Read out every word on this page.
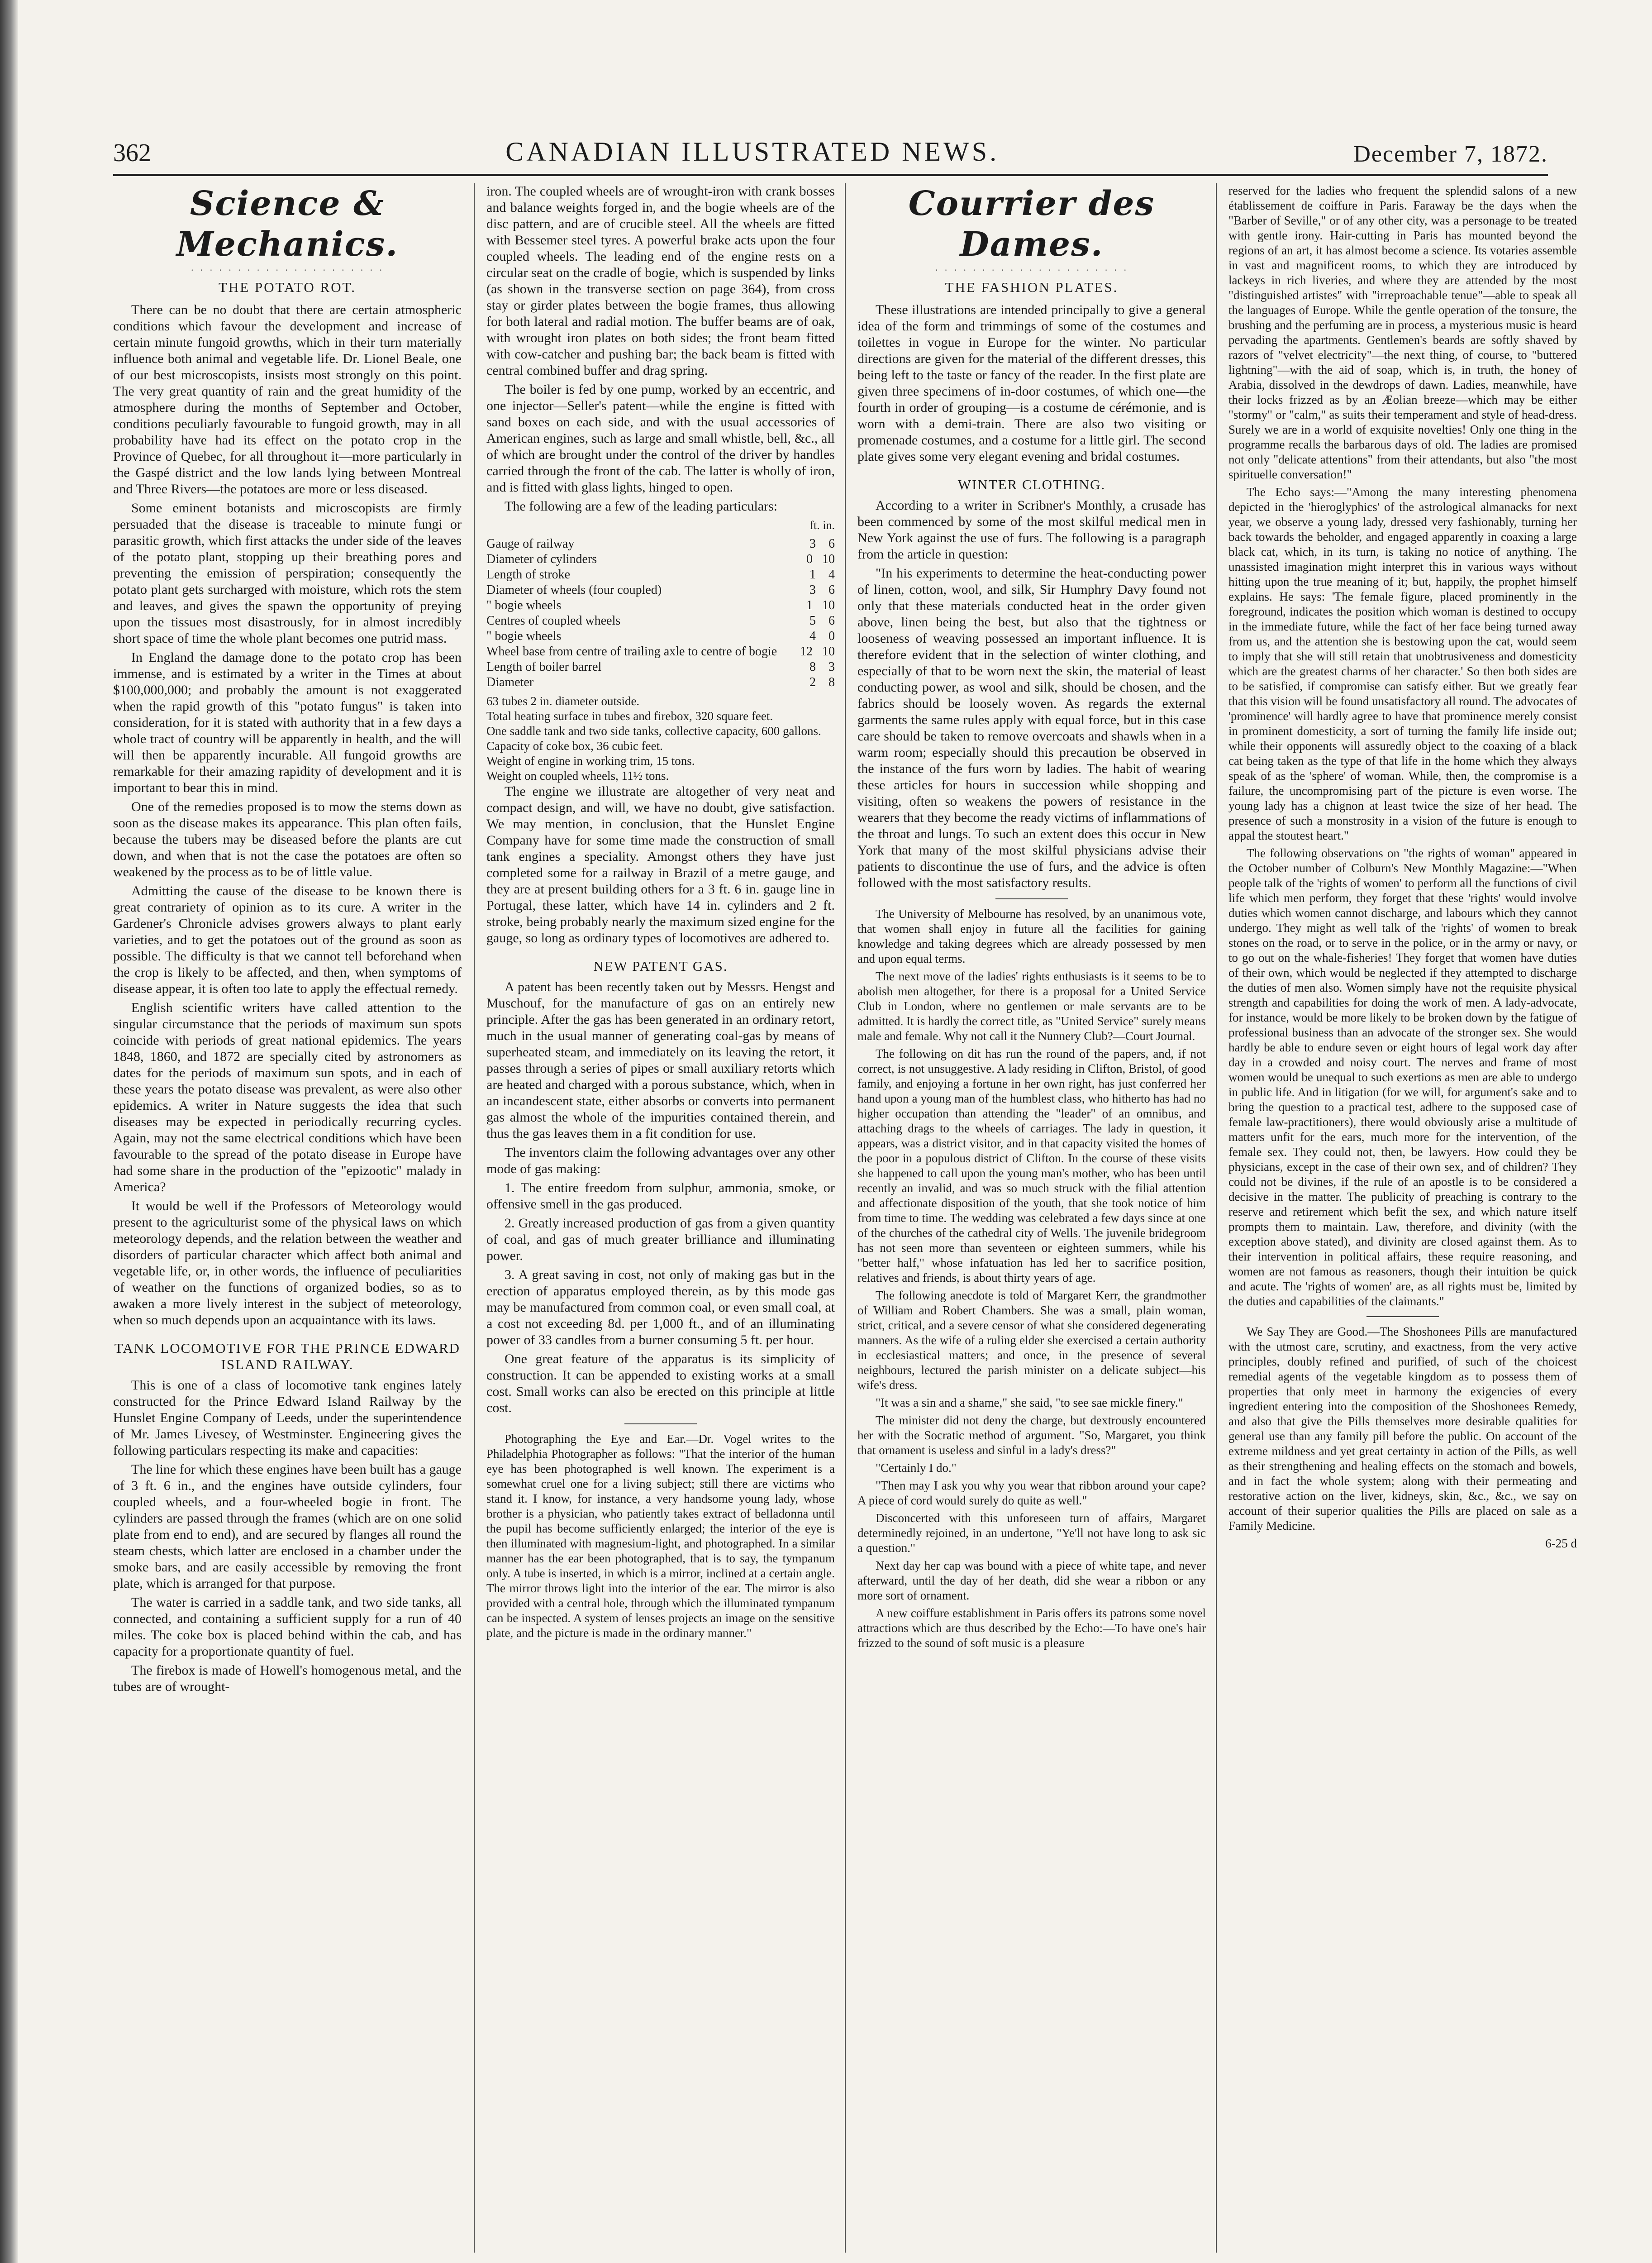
362	CANADIAN ILLUSTRATED NEWS.	December 7, 1872.
Science & Mechanics.
· · · · · · · · · · · · · · · · · · · · ·
THE POTATO ROT.

There can be no doubt that there are certain atmospheric conditions which favour the development and increase of certain minute fungoid growths, which in their turn materially influence both animal and vegetable life. Dr. Lionel Beale, one of our best microscopists, insists most strongly on this point. The very great quantity of rain and the great humidity of the atmosphere during the months of September and October, conditions peculiarly favourable to fungoid growth, may in all probability have had its effect on the potato crop in the Province of Quebec, for all throughout it—more particularly in the Gaspé district and the low lands lying between Montreal and Three Rivers—the potatoes are more or less diseased.

Some eminent botanists and microscopists are firmly persuaded that the disease is traceable to minute fungi or parasitic growth, which first attacks the under side of the leaves of the potato plant, stopping up their breathing pores and preventing the emission of perspiration; consequently the potato plant gets surcharged with moisture, which rots the stem and leaves, and gives the spawn the opportunity of preying upon the tissues most disastrously, for in almost incredibly short space of time the whole plant becomes one putrid mass.

In England the damage done to the potato crop has been immense, and is estimated by a writer in the Times at about $100,000,000; and probably the amount is not exaggerated when the rapid growth of this "potato fungus" is taken into consideration, for it is stated with authority that in a few days a whole tract of country will be apparently in health, and the will will then be apparently incurable. All fungoid growths are remarkable for their amazing rapidity of development and it is important to bear this in mind.

One of the remedies proposed is to mow the stems down as soon as the disease makes its appearance. This plan often fails, because the tubers may be diseased before the plants are cut down, and when that is not the case the potatoes are often so weakened by the process as to be of little value.

Admitting the cause of the disease to be known there is great contrariety of opinion as to its cure. A writer in the Gardener's Chronicle advises growers always to plant early varieties, and to get the potatoes out of the ground as soon as possible. The difficulty is that we cannot tell beforehand when the crop is likely to be affected, and then, when symptoms of disease appear, it is often too late to apply the effectual remedy.

English scientific writers have called attention to the singular circumstance that the periods of maximum sun spots coincide with periods of great national epidemics. The years 1848, 1860, and 1872 are specially cited by astronomers as dates for the periods of maximum sun spots, and in each of these years the potato disease was prevalent, as were also other epidemics. A writer in Nature suggests the idea that such diseases may be expected in periodically recurring cycles. Again, may not the same electrical conditions which have been favourable to the spread of the potato disease in Europe have had some share in the production of the "epizootic" malady in America?

It would be well if the Professors of Meteorology would present to the agriculturist some of the physical laws on which meteorology depends, and the relation between the weather and disorders of particular character which affect both animal and vegetable life, or, in other words, the influence of peculiarities of weather on the functions of organized bodies, so as to awaken a more lively interest in the subject of meteorology, when so much depends upon an acquaintance with its laws.

TANK LOCOMOTIVE FOR THE PRINCE EDWARD ISLAND RAILWAY.

This is one of a class of locomotive tank engines lately constructed for the Prince Edward Island Railway by the Hunslet Engine Company of Leeds, under the superintendence of Mr. James Livesey, of Westminster. Engineering gives the following particulars respecting its make and capacities:

The line for which these engines have been built has a gauge of 3 ft. 6 in., and the engines have outside cylinders, four coupled wheels, and a four-wheeled bogie in front. The cylinders are passed through the frames (which are on one solid plate from end to end), and are secured by flanges all round the steam chests, which latter are enclosed in a chamber under the smoke bars, and are easily accessible by removing the front plate, which is arranged for that purpose.

The water is carried in a saddle tank, and two side tanks, all connected, and containing a sufficient supply for a run of 40 miles. The coke box is placed behind within the cab, and has capacity for a proportionate quantity of fuel.

The firebox is made of Howell's homogenous metal, and the tubes are of wrought-

iron. The coupled wheels are of wrought-iron with crank bosses and balance weights forged in, and the bogie wheels are of the disc pattern, and are of crucible steel. All the wheels are fitted with Bessemer steel tyres. A powerful brake acts upon the four coupled wheels. The leading end of the engine rests on a circular seat on the cradle of bogie, which is suspended by links (as shown in the transverse section on page 364), from cross stay or girder plates between the bogie frames, thus allowing for both lateral and radial motion. The buffer beams are of oak, with wrought iron plates on both sides; the front beam fitted with cow-catcher and pushing bar; the back beam is fitted with central combined buffer and drag spring.

The boiler is fed by one pump, worked by an eccentric, and one injector—Seller's patent—while the engine is fitted with sand boxes on each side, and with the usual accessories of American engines, such as large and small whistle, bell, &c., all of which are brought under the control of the driver by handles carried through the front of the cab. The latter is wholly of iron, and is fitted with glass lights, hinged to open.

The following are a few of the leading particulars:

ft. in.
Gauge of railway	3    6
Diameter of cylinders	0   10
Length of stroke	1    4
Diameter of wheels (four coupled)	3    6
" bogie wheels	1   10
Centres of coupled wheels	5    6
" bogie wheels	4    0
Wheel base from centre of trailing axle to centre of bogie 12   10
Length of boiler barrel	8    3
Diameter	2    8
63 tubes 2 in. diameter outside.
Total heating surface in tubes and firebox, 320 square feet.
One saddle tank and two side tanks, collective capacity, 600 gallons.
Capacity of coke box, 36 cubic feet.
Weight of engine in working trim, 15 tons.
Weight on coupled wheels, 11½ tons.

The engine we illustrate are altogether of very neat and compact design, and will, we have no doubt, give satisfaction. We may mention, in conclusion, that the Hunslet Engine Company have for some time made the construction of small tank engines a speciality. Amongst others they have just completed some for a railway in Brazil of a metre gauge, and they are at present building others for a 3 ft. 6 in. gauge line in Portugal, these latter, which have 14 in. cylinders and 2 ft. stroke, being probably nearly the maximum sized engine for the gauge, so long as ordinary types of locomotives are adhered to.

NEW PATENT GAS.

A patent has been recently taken out by Messrs. Hengst and Muschouf, for the manufacture of gas on an entirely new principle. After the gas has been generated in an ordinary retort, much in the usual manner of generating coal-gas by means of superheated steam, and immediately on its leaving the retort, it passes through a series of pipes or small auxiliary retorts which are heated and charged with a porous substance, which, when in an incandescent state, either absorbs or converts into permanent gas almost the whole of the impurities contained therein, and thus the gas leaves them in a fit condition for use.

The inventors claim the following advantages over any other mode of gas making:

1. The entire freedom from sulphur, ammonia, smoke, or offensive smell in the gas produced.

2. Greatly increased production of gas from a given quantity of coal, and gas of much greater brilliance and illuminating power.

3. A great saving in cost, not only of making gas but in the erection of apparatus employed therein, as by this mode gas may be manufactured from common coal, or even small coal, at a cost not exceeding 8d. per 1,000 ft., and of an illuminating power of 33 candles from a burner consuming 5 ft. per hour.

One great feature of the apparatus is its simplicity of construction. It can be appended to existing works at a small cost. Small works can also be erected on this principle at little cost.

Photographing the Eye and Ear.—Dr. Vogel writes to the Philadelphia Photographer as follows: "That the interior of the human eye has been photographed is well known. The experiment is a somewhat cruel one for a living subject; still there are victims who stand it. I know, for instance, a very handsome young lady, whose brother is a physician, who patiently takes extract of belladonna until the pupil has become sufficiently enlarged; the interior of the eye is then illuminated with magnesium-light, and photographed. In a similar manner has the ear been photographed, that is to say, the tympanum only. A tube is inserted, in which is a mirror, inclined at a certain angle. The mirror throws light into the interior of the ear. The mirror is also provided with a central hole, through which the illuminated tympanum can be inspected. A system of lenses projects an image on the sensitive plate, and the picture is made in the ordinary manner."

Courrier des Dames.
· · · · · · · · · · · · · · · · · · · · ·
THE FASHION PLATES.

These illustrations are intended principally to give a general idea of the form and trimmings of some of the costumes and toilettes in vogue in Europe for the winter. No particular directions are given for the material of the different dresses, this being left to the taste or fancy of the reader. In the first plate are given three specimens of in-door costumes, of which one—the fourth in order of grouping—is a costume de cérémonie, and is worn with a demi-train. There are also two visiting or promenade costumes, and a costume for a little girl. The second plate gives some very elegant evening and bridal costumes.

WINTER CLOTHING.

According to a writer in Scribner's Monthly, a crusade has been commenced by some of the most skilful medical men in New York against the use of furs. The following is a paragraph from the article in question:

"In his experiments to determine the heat-conducting power of linen, cotton, wool, and silk, Sir Humphry Davy found not only that these materials conducted heat in the order given above, linen being the best, but also that the tightness or looseness of weaving possessed an important influence. It is therefore evident that in the selection of winter clothing, and especially of that to be worn next the skin, the material of least conducting power, as wool and silk, should be chosen, and the fabrics should be loosely woven. As regards the external garments the same rules apply with equal force, but in this case care should be taken to remove overcoats and shawls when in a warm room; especially should this precaution be observed in the instance of the furs worn by ladies. The habit of wearing these articles for hours in succession while shopping and visiting, often so weakens the powers of resistance in the wearers that they become the ready victims of inflammations of the throat and lungs. To such an extent does this occur in New York that many of the most skilful physicians advise their patients to discontinue the use of furs, and the advice is often followed with the most satisfactory results.

The University of Melbourne has resolved, by an unanimous vote, that women shall enjoy in future all the facilities for gaining knowledge and taking degrees which are already possessed by men and upon equal terms.

The next move of the ladies' rights enthusiasts is it seems to be to abolish men altogether, for there is a proposal for a United Service Club in London, where no gentlemen or male servants are to be admitted. It is hardly the correct title, as "United Service" surely means male and female. Why not call it the Nunnery Club?—Court Journal.

The following on dit has run the round of the papers, and, if not correct, is not unsuggestive. A lady residing in Clifton, Bristol, of good family, and enjoying a fortune in her own right, has just conferred her hand upon a young man of the humblest class, who hitherto has had no higher occupation than attending the "leader" of an omnibus, and attaching drags to the wheels of carriages. The lady in question, it appears, was a district visitor, and in that capacity visited the homes of the poor in a populous district of Clifton. In the course of these visits she happened to call upon the young man's mother, who has been until recently an invalid, and was so much struck with the filial attention and affectionate disposition of the youth, that she took notice of him from time to time. The wedding was celebrated a few days since at one of the churches of the cathedral city of Wells. The juvenile bridegroom has not seen more than seventeen or eighteen summers, while his "better half," whose infatuation has led her to sacrifice position, relatives and friends, is about thirty years of age.

The following anecdote is told of Margaret Kerr, the grandmother of William and Robert Chambers. She was a small, plain woman, strict, critical, and a severe censor of what she considered degenerating manners. As the wife of a ruling elder she exercised a certain authority in ecclesiastical matters; and once, in the presence of several neighbours, lectured the parish minister on a delicate subject—his wife's dress.

"It was a sin and a shame," she said, "to see sae mickle finery."

The minister did not deny the charge, but dextrously encountered her with the Socratic method of argument. "So, Margaret, you think that ornament is useless and sinful in a lady's dress?"

"Certainly I do."

"Then may I ask you why you wear that ribbon around your cape? A piece of cord would surely do quite as well."

Disconcerted with this unforeseen turn of affairs, Margaret determinedly rejoined, in an undertone, "Ye'll not have long to ask sic a question."

Next day her cap was bound with a piece of white tape, and never afterward, until the day of her death, did she wear a ribbon or any more sort of ornament.

A new coiffure establishment in Paris offers its patrons some novel attractions which are thus described by the Echo:—To have one's hair frizzed to the sound of soft music is a pleasure

reserved for the ladies who frequent the splendid salons of a new établissement de coiffure in Paris. Faraway be the days when the "Barber of Seville," or of any other city, was a personage to be treated with gentle irony. Hair-cutting in Paris has mounted beyond the regions of an art, it has almost become a science. Its votaries assemble in vast and magnificent rooms, to which they are introduced by lackeys in rich liveries, and where they are attended by the most "distinguished artistes" with "irreproachable tenue"—able to speak all the languages of Europe. While the gentle operation of the tonsure, the brushing and the perfuming are in process, a mysterious music is heard pervading the apartments. Gentlemen's beards are softly shaved by razors of "velvet electricity"—the next thing, of course, to "buttered lightning"—with the aid of soap, which is, in truth, the honey of Arabia, dissolved in the dewdrops of dawn. Ladies, meanwhile, have their locks frizzed as by an Æolian breeze—which may be either "stormy" or "calm," as suits their temperament and style of head-dress. Surely we are in a world of exquisite novelties! Only one thing in the programme recalls the barbarous days of old. The ladies are promised not only "delicate attentions" from their attendants, but also "the most spirituelle conversation!"

The Echo says:—"Among the many interesting phenomena depicted in the 'hieroglyphics' of the astrological almanacks for next year, we observe a young lady, dressed very fashionably, turning her back towards the beholder, and engaged apparently in coaxing a large black cat, which, in its turn, is taking no notice of anything. The unassisted imagination might interpret this in various ways without hitting upon the true meaning of it; but, happily, the prophet himself explains. He says: 'The female figure, placed prominently in the foreground, indicates the position which woman is destined to occupy in the immediate future, while the fact of her face being turned away from us, and the attention she is bestowing upon the cat, would seem to imply that she will still retain that unobtrusiveness and domesticity which are the greatest charms of her character.' So then both sides are to be satisfied, if compromise can satisfy either. But we greatly fear that this vision will be found unsatisfactory all round. The advocates of 'prominence' will hardly agree to have that prominence merely consist in prominent domesticity, a sort of turning the family life inside out; while their opponents will assuredly object to the coaxing of a black cat being taken as the type of that life in the home which they always speak of as the 'sphere' of woman. While, then, the compromise is a failure, the uncompromising part of the picture is even worse. The young lady has a chignon at least twice the size of her head. The presence of such a monstrosity in a vision of the future is enough to appal the stoutest heart."

The following observations on "the rights of woman" appeared in the October number of Colburn's New Monthly Magazine:—"When people talk of the 'rights of women' to perform all the functions of civil life which men perform, they forget that these 'rights' would involve duties which women cannot discharge, and labours which they cannot undergo. They might as well talk of the 'rights' of women to break stones on the road, or to serve in the police, or in the army or navy, or to go out on the whale-fisheries! They forget that women have duties of their own, which would be neglected if they attempted to discharge the duties of men also. Women simply have not the requisite physical strength and capabilities for doing the work of men. A lady-advocate, for instance, would be more likely to be broken down by the fatigue of professional business than an advocate of the stronger sex. She would hardly be able to endure seven or eight hours of legal work day after day in a crowded and noisy court. The nerves and frame of most women would be unequal to such exertions as men are able to undergo in public life. And in litigation (for we will, for argument's sake and to bring the question to a practical test, adhere to the supposed case of female law-practitioners), there would obviously arise a multitude of matters unfit for the ears, much more for the intervention, of the female sex. They could not, then, be lawyers. How could they be physicians, except in the case of their own sex, and of children? They could not be divines, if the rule of an apostle is to be considered a decisive in the matter. The publicity of preaching is contrary to the reserve and retirement which befit the sex, and which nature itself prompts them to maintain. Law, therefore, and divinity (with the exception above stated), and divinity are closed against them. As to their intervention in political affairs, these require reasoning, and women are not famous as reasoners, though their intuition be quick and acute. The 'rights of women' are, as all rights must be, limited by the duties and capabilities of the claimants."

We Say They are Good.—The Shoshonees Pills are manufactured with the utmost care, scrutiny, and exactness, from the very active principles, doubly refined and purified, of such of the choicest remedial agents of the vegetable kingdom as to possess them of properties that only meet in harmony the exigencies of every ingredient entering into the composition of the Shoshonees Remedy, and also that give the Pills themselves more desirable qualities for general use than any family pill before the public. On account of the extreme mildness and yet great certainty in action of the Pills, as well as their strengthening and healing effects on the stomach and bowels, and in fact the whole system; along with their permeating and restorative action on the liver, kidneys, skin, &c., &c., we say on account of their superior qualities the Pills are placed on sale as a Family Medicine.

6-25 d
